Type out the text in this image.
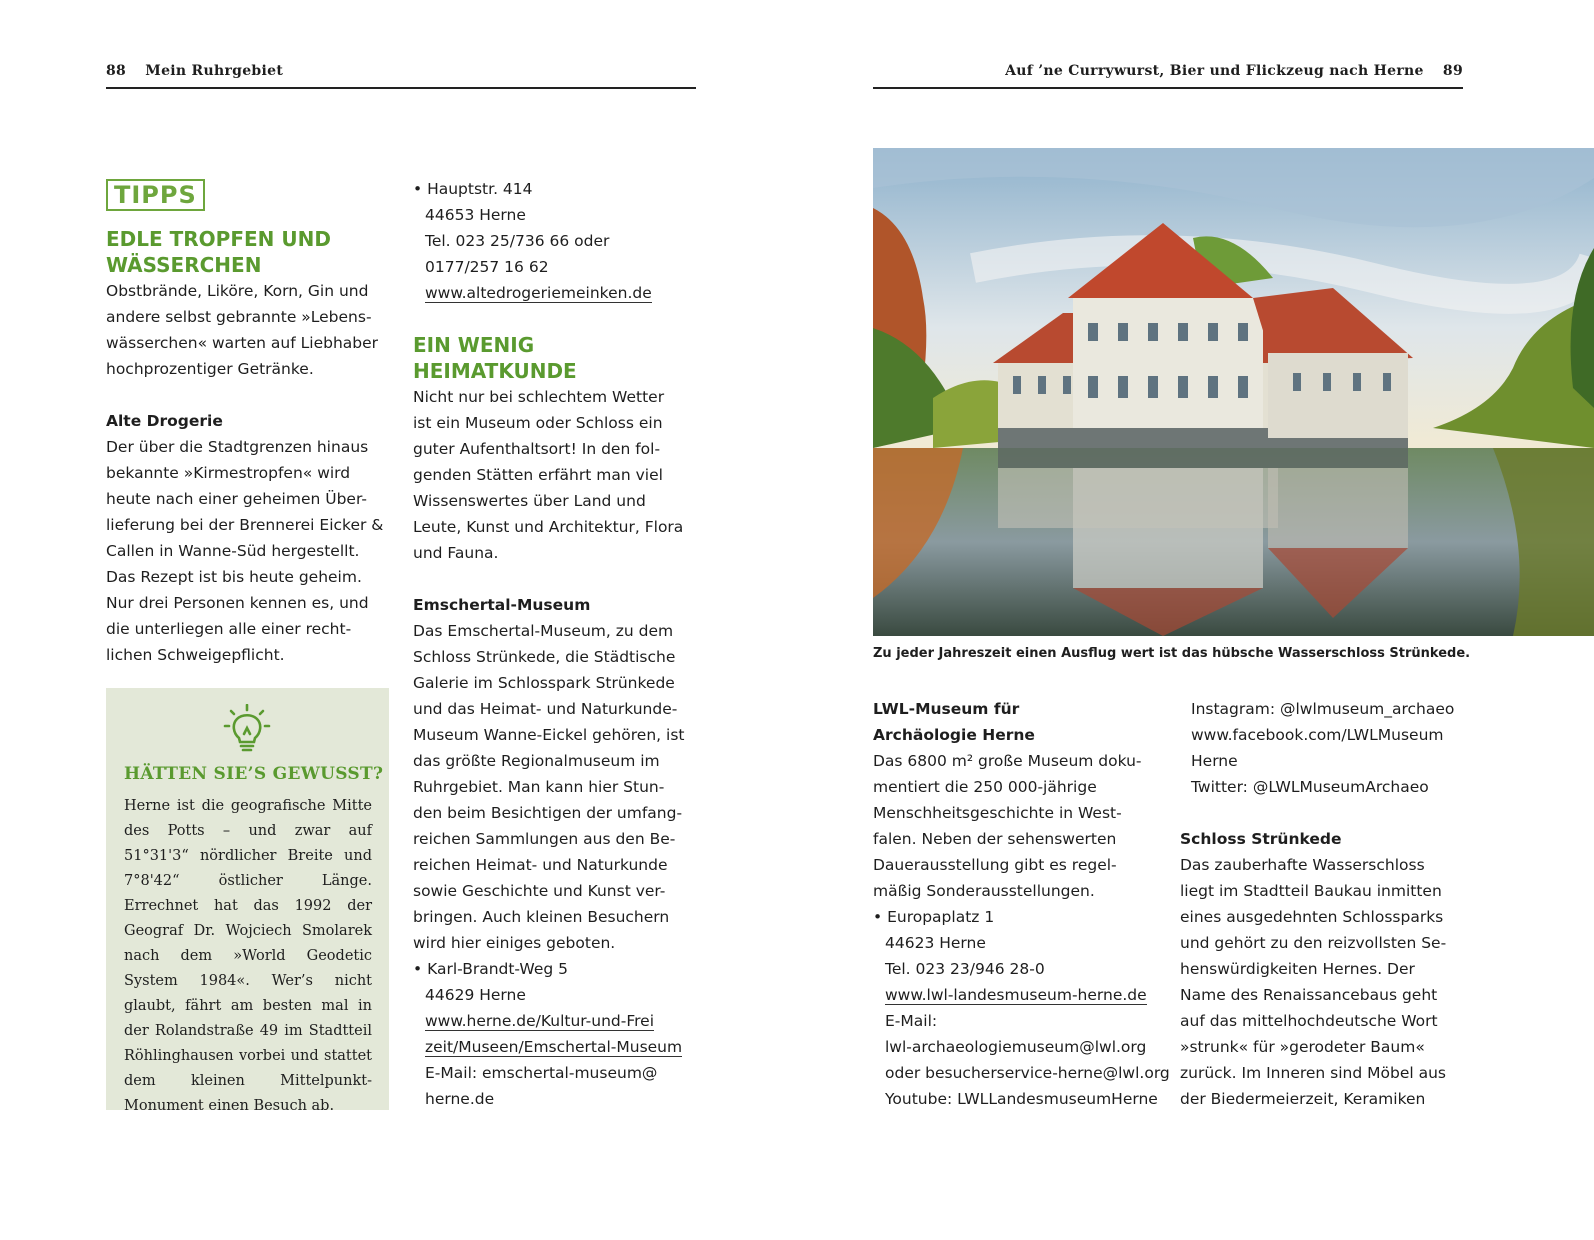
88 Mein Ruhrgebiet
TIPPS
EDLE TROPFEN UND
WÄSSERCHEN

Obstbrände, Liköre, Korn, Gin und

andere selbst gebrannte »Lebens-

wässerchen« warten auf Liebhaber

hochprozentiger Getränke.

Alte Drogerie

Der über die Stadtgrenzen hinaus

bekannte »Kirmestropfen« wird

heute nach einer geheimen Über-

lieferung bei der Brennerei Eicker &

Callen in Wanne-Süd hergestellt.

Das Rezept ist bis heute geheim.

Nur drei Personen kennen es, und

die unterliegen alle einer recht-

lichen Schweigepflicht.

HÄTTEN SIE’S GEWUSST?
Herne ist die geografische Mitte des Potts – und zwar auf 51°31'3“ nördlicher Breite und 7°8'42“ östlicher Länge. Errechnet hat das 1992 der Geograf Dr. Wojciech Smolarek nach dem »World Geodetic System 1984«. Wer’s nicht glaubt, fährt am besten mal in der Rolandstraße 49 im Stadtteil Röhlinghausen vorbei und stattet dem kleinen Mittelpunkt-Monument einen Besuch ab.

• Hauptstr. 414

44653 Herne

Tel. 023 25/736 66 oder

0177/257 16 62

www.altedrogeriemeinken.de

EIN WENIG
HEIMATKUNDE

Nicht nur bei schlechtem Wetter

ist ein Museum oder Schloss ein

guter Aufenthaltsort! In den fol-

genden Stätten erfährt man viel

Wissenswertes über Land und

Leute, Kunst und Architektur, Flora

und Fauna.

Emschertal-Museum

Das Emschertal-Museum, zu dem

Schloss Strünkede, die Städtische

Galerie im Schlosspark Strünkede

und das Heimat- und Naturkunde-

Museum Wanne-Eickel gehören, ist

das größte Regionalmuseum im

Ruhrgebiet. Man kann hier Stun-

den beim Besichtigen der umfang-

reichen Sammlungen aus den Be-

reichen Heimat- und Naturkunde

sowie Geschichte und Kunst ver-

bringen. Auch kleinen Besuchern

wird hier einiges geboten.

• Karl-Brandt-Weg 5

44629 Herne

www.herne.de/Kultur-und-Frei

zeit/Museen/Emschertal-Museum

E-Mail: emschertal-museum@

herne.de

Auf ’ne Currywurst, Bier und Flickzeug nach Herne 89
Zu jeder Jahreszeit einen Ausflug wert ist das hübsche Wasserschloss Strünkede.

LWL-Museum für

Archäologie Herne

Das 6800 m² große Museum doku-

mentiert die 250 000-jährige

Menschheitsgeschichte in West-

falen. Neben der sehenswerten

Dauerausstellung gibt es regel-

mäßig Sonderausstellungen.

• Europaplatz 1

44623 Herne

Tel. 023 23/946 28-0

www.lwl-landesmuseum-herne.de

E-Mail:

lwl-archaeologiemuseum@lwl.org

oder besucherservice-herne@lwl.org

Youtube: LWLLandesmuseumHerne

Instagram: @lwlmuseum_archaeo

www.facebook.com/LWLMuseum

Herne

Twitter: @LWLMuseumArchaeo

Schloss Strünkede

Das zauberhafte Wasserschloss

liegt im Stadtteil Baukau inmitten

eines ausgedehnten Schlossparks

und gehört zu den reizvollsten Se-

henswürdigkeiten Hernes. Der

Name des Renaissancebaus geht

auf das mittelhochdeutsche Wort

»strunk« für »gerodeter Baum«

zurück. Im Inneren sind Möbel aus

der Biedermeierzeit, Keramiken
